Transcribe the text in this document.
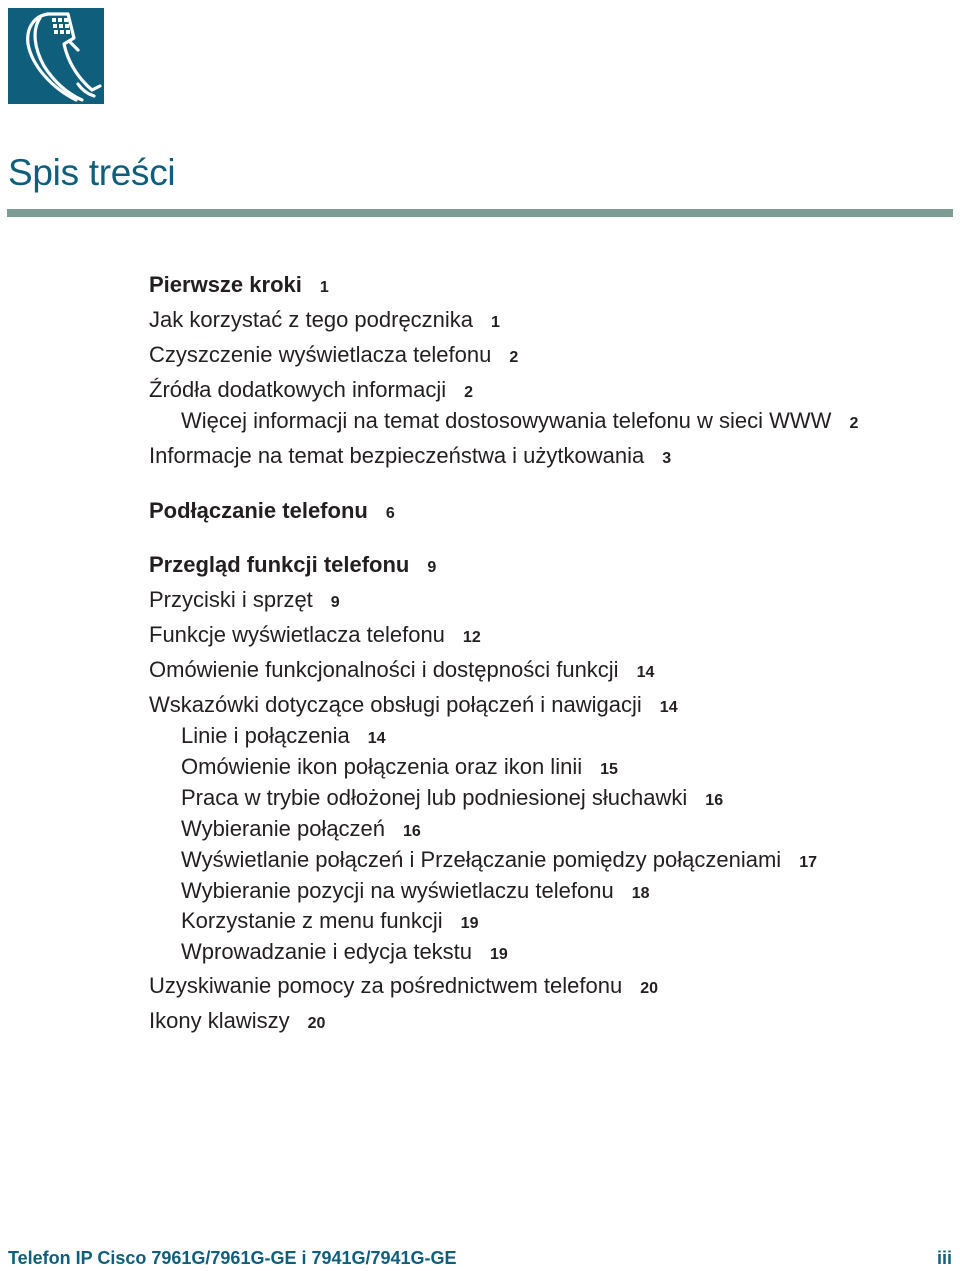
Spis treści
Pierwsze kroki 1
Jak korzystać z tego podręcznika 1
Czyszczenie wyświetlacza telefonu 2
Źródła dodatkowych informacji 2
Więcej informacji na temat dostosowywania telefonu w sieci WWW 2
Informacje na temat bezpieczeństwa i użytkowania 3
Podłączanie telefonu 6
Przegląd funkcji telefonu 9
Przyciski i sprzęt 9
Funkcje wyświetlacza telefonu 12
Omówienie funkcjonalności i dostępności funkcji 14
Wskazówki dotyczące obsługi połączeń i nawigacji 14
Linie i połączenia 14
Omówienie ikon połączenia oraz ikon linii 15
Praca w trybie odłożonej lub podniesionej słuchawki 16
Wybieranie połączeń 16
Wyświetlanie połączeń i Przełączanie pomiędzy połączeniami 17
Wybieranie pozycji na wyświetlaczu telefonu 18
Korzystanie z menu funkcji 19
Wprowadzanie i edycja tekstu 19
Uzyskiwanie pomocy za pośrednictwem telefonu 20
Ikony klawiszy 20
Telefon IP Cisco 7961G/7961G-GE i 7941G/7941G-GE	iii
